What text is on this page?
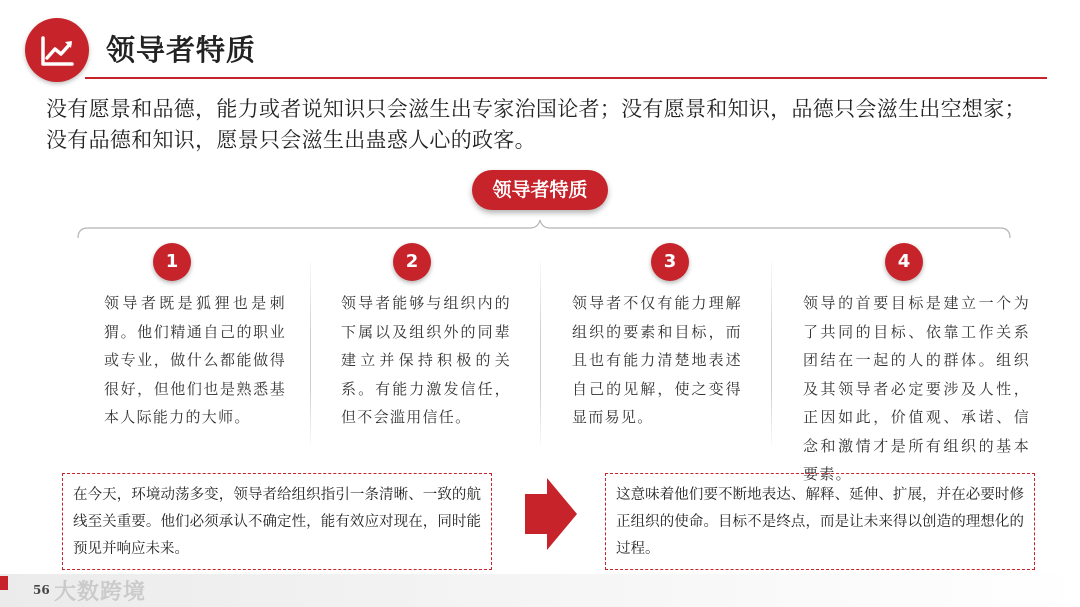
领导者特质
没有愿景和品德，能力或者说知识只会滋生出专家治国论者；没有愿景和知识，品德只会滋生出空想家；没有品德和知识，愿景只会滋生出蛊惑人心的政客。
领导者特质
1
领导者既是狐狸也是刺猬。他们精通自己的职业或专业，做什么都能做得很好，但他们也是熟悉基本人际能力的大师。
2
领导者能够与组织内的下属以及组织外的同辈建立并保持积极的关系。有能力激发信任，但不会滥用信任。
3
领导者不仅有能力理解组织的要素和目标，而且也有能力清楚地表述自己的见解，使之变得显而易见。
4
领导的首要目标是建立一个为了共同的目标、依靠工作关系团结在一起的人的群体。组织及其领导者必定要涉及人性，正因如此，价值观、承诺、信念和激情才是所有组织的基本要素。
在今天，环境动荡多变，领导者给组织指引一条清晰、一致的航线至关重要。他们必须承认不确定性，能有效应对现在，同时能预见并响应未来。
这意味着他们要不断地表达、解释、延伸、扩展，并在必要时修正组织的使命。目标不是终点，而是让未来得以创造的理想化的过程。
56 大数跨境
